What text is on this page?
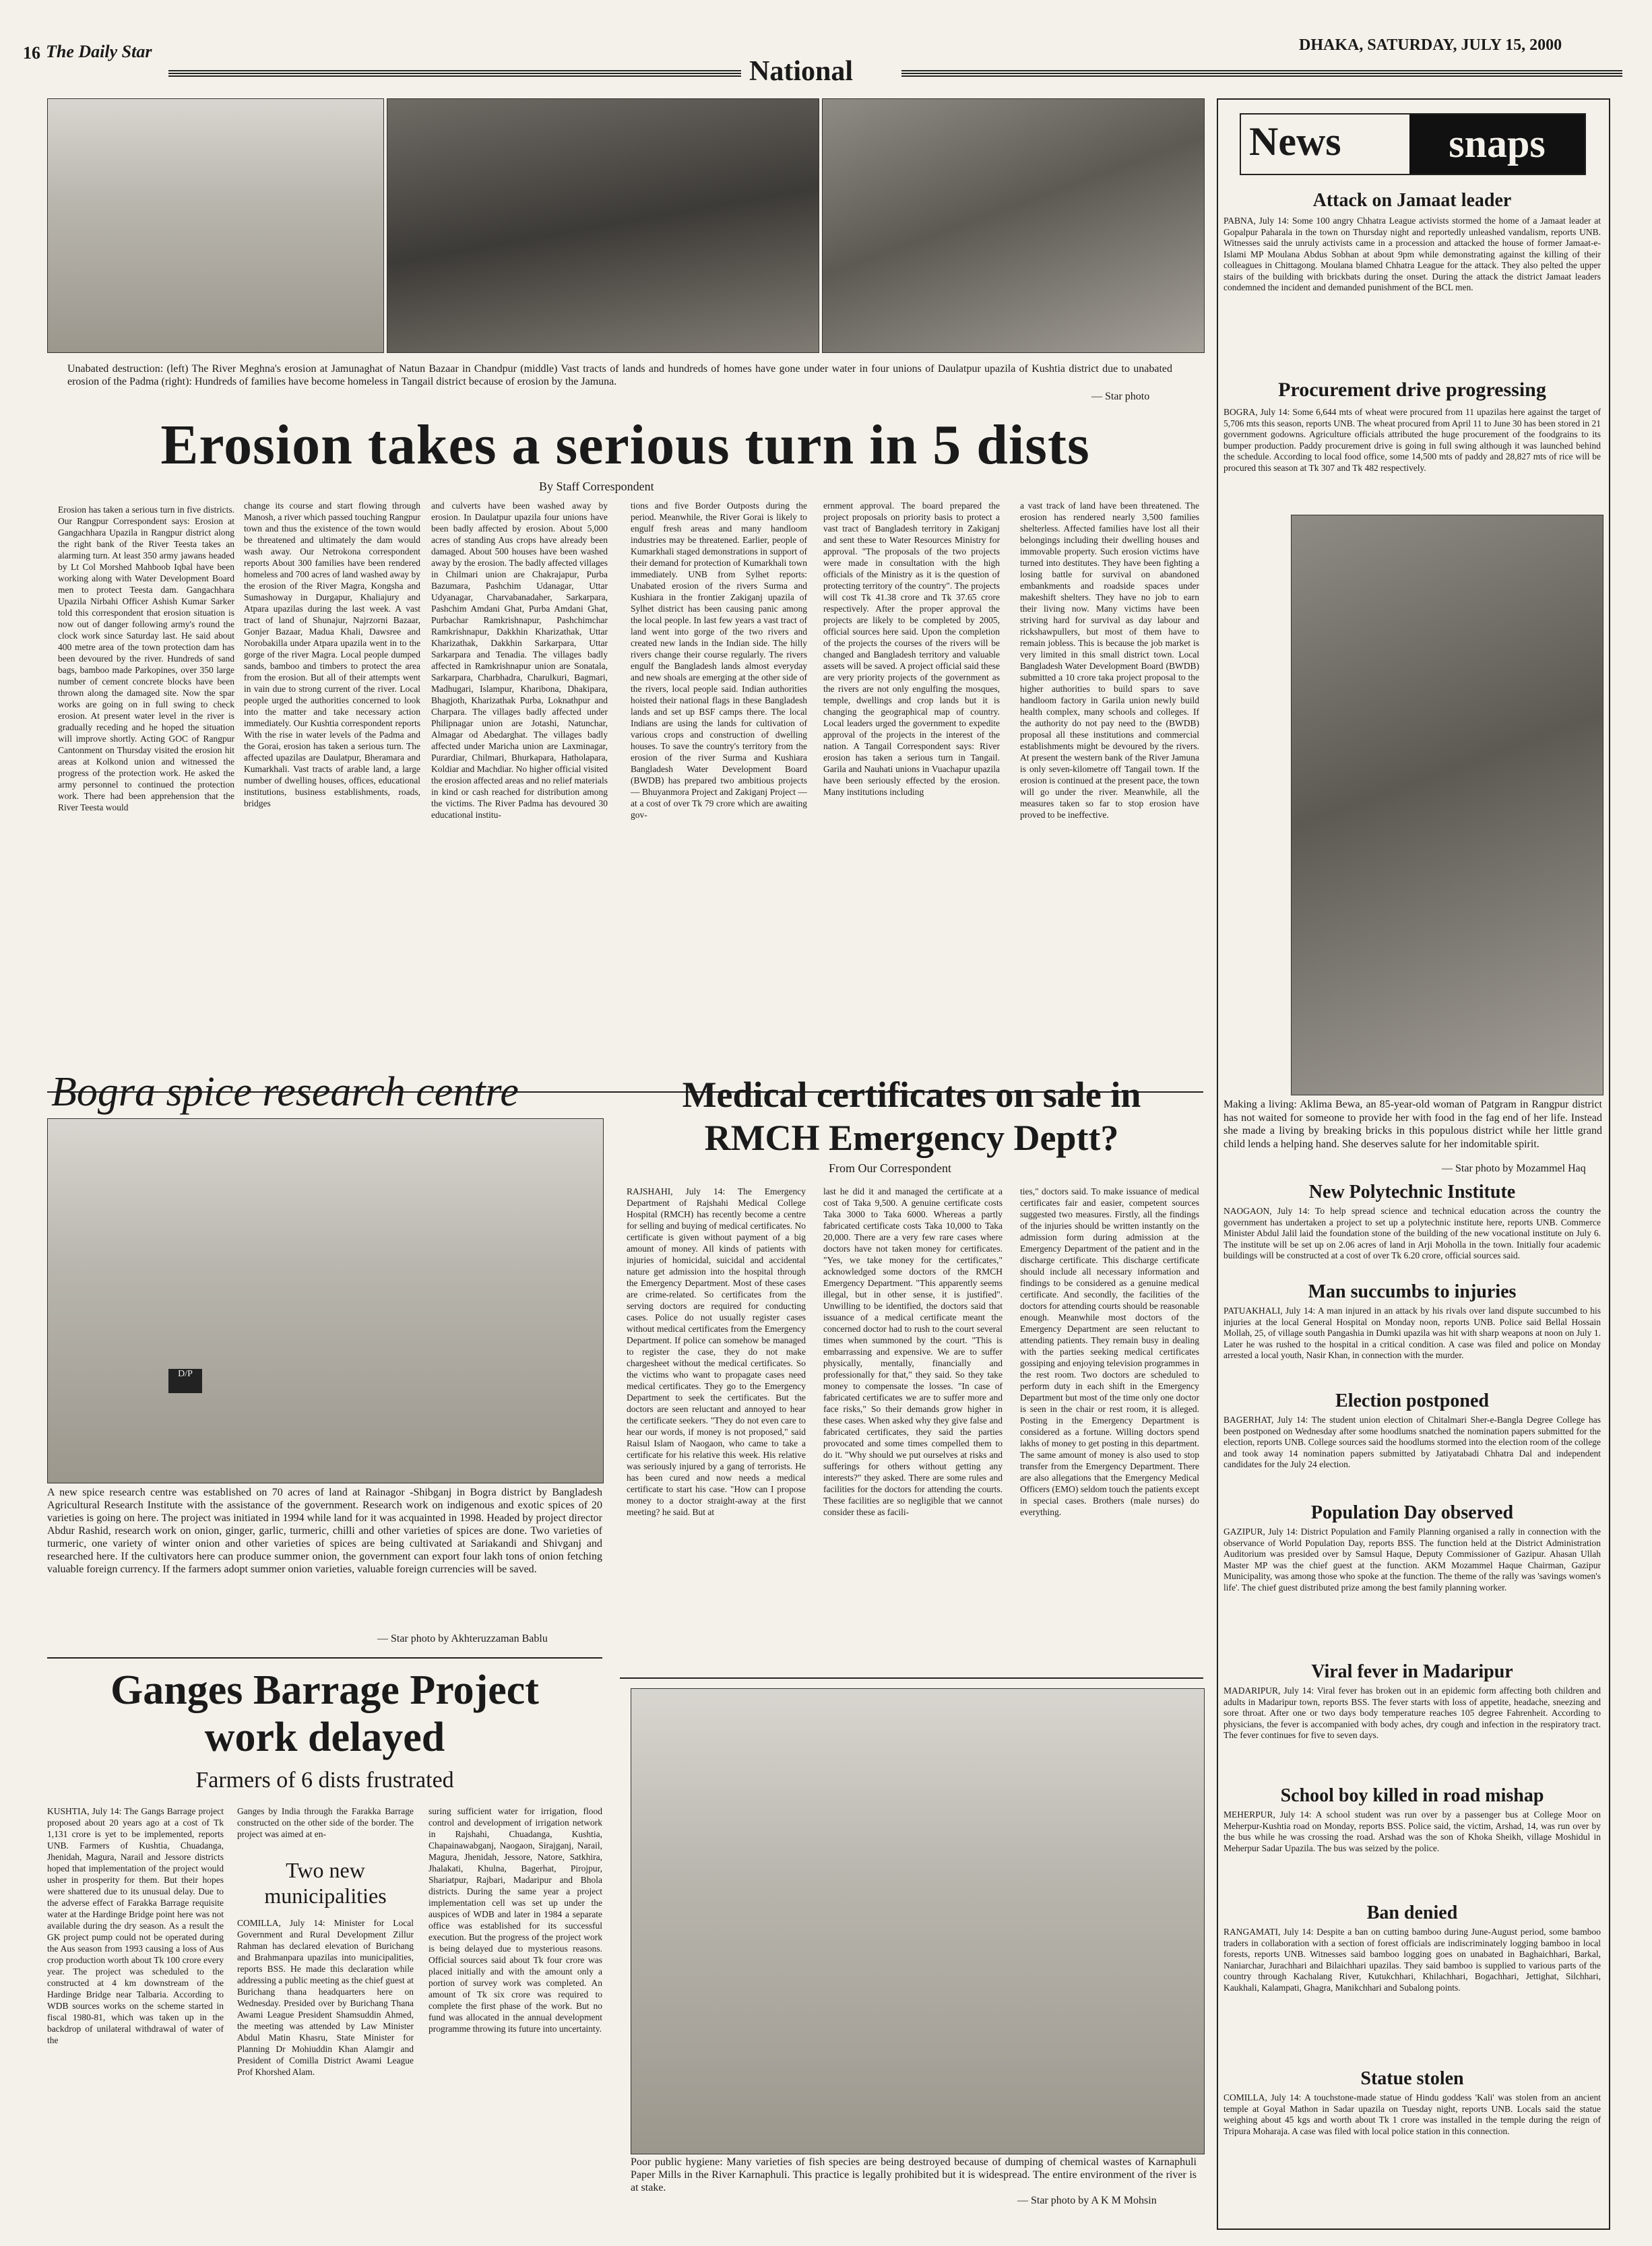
16 The Daily Star
National
DHAKA, SATURDAY, JULY 15, 2000
Unabated destruction: (left) The River Meghna's erosion at Jamunaghat of Natun Bazaar in Chandpur (middle) Vast tracts of lands and hundreds of homes have gone under water in four unions of Daulatpur upazila of Kushtia district due to unabated erosion of the Padma (right): Hundreds of families have become homeless in Tangail district because of erosion by the Jamuna.
— Star photo
Erosion takes a serious turn in 5 dists
By Staff Correspondent
Erosion has taken a serious turn in five districts. Our Rangpur Correspondent says: Erosion at Gangachhara Upazila in Rangpur district along the right bank of the River Teesta takes an alarming turn. At least 350 army jawans headed by Lt Col Morshed Mahboob Iqbal have been working along with Water Development Board men to protect Teesta dam. Gangachhara Upazila Nirbahi Officer Ashish Kumar Sarker told this correspondent that erosion situation is now out of danger following army's round the clock work since Saturday last. He said about 400 metre area of the town protection dam has been devoured by the river. Hundreds of sand bags, bamboo made Parkopines, over 350 large number of cement concrete blocks have been thrown along the damaged site. Now the spar works are going on in full swing to check erosion. At present water level in the river is gradually receding and he hoped the situation will improve shortly. Acting GOC of Rangpur Cantonment on Thursday visited the erosion hit areas at Kolkond union and witnessed the progress of the protection work. He asked the army personnel to continued the protection work. There had been apprehension that the River Teesta would
change its course and start flowing through Manosh, a river which passed touching Rangpur town and thus the existence of the town would be threatened and ultimately the dam would wash away. Our Netrokona correspondent reports About 300 families have been rendered homeless and 700 acres of land washed away by the erosion of the River Magra, Kongsha and Sumashoway in Durgapur, Khaliajury and Atpara upazilas during the last week. A vast tract of land of Shunajur, Najrzorni Bazaar, Gonjer Bazaar, Madua Khali, Dawsree and Norobakilla under Atpara upazila went in to the gorge of the river Magra. Local people dumped sands, bamboo and timbers to protect the area from the erosion. But all of their attempts went in vain due to strong current of the river. Local people urged the authorities concerned to look into the matter and take necessary action immediately. Our Kushtia correspondent reports With the rise in water levels of the Padma and the Gorai, erosion has taken a serious turn. The affected upazilas are Daulatpur, Bheramara and Kumarkhali. Vast tracts of arable land, a large number of dwelling houses, offices, educational institutions, business establishments, roads, bridges
and culverts have been washed away by erosion. In Daulatpur upazila four unions have been badly affected by erosion. About 5,000 acres of standing Aus crops have already been damaged. About 500 houses have been washed away by the erosion. The badly affected villages in Chilmari union are Chakrajapur, Purba Bazumara, Pashchim Udanagar, Uttar Udyanagar, Charvabanadaher, Sarkarpara, Pashchim Amdani Ghat, Purba Amdani Ghat, Purbachar Ramkrishnapur, Pashchimchar Ramkrishnapur, Dakkhin Kharizathak, Uttar Kharizathak, Dakkhin Sarkarpara, Uttar Sarkarpara and Tenadia. The villages badly affected in Ramkrishnapur union are Sonatala, Sarkarpara, Charbhadra, Charulkuri, Bagmari, Madhugari, Islampur, Kharibona, Dhakipara, Bhagjoth, Kharizathak Purba, Loknathpur and Charpara. The villages badly affected under Philipnagar union are Jotashi, Natunchar, Almagar od Abedarghat. The villages badly affected under Maricha union are Laxminagar, Purardiar, Chilmari, Bhurkapara, Hatholapara, Koldiar and Machdiar. No higher official visited the erosion affected areas and no relief materials in kind or cash reached for distribution among the victims. The River Padma has devoured 30 educational institu-
tions and five Border Outposts during the period. Meanwhile, the River Gorai is likely to engulf fresh areas and many handloom industries may be threatened. Earlier, people of Kumarkhali staged demonstrations in support of their demand for protection of Kumarkhali town immediately. UNB from Sylhet reports: Unabated erosion of the rivers Surma and Kushiara in the frontier Zakiganj upazila of Sylhet district has been causing panic among the local people. In last few years a vast tract of land went into gorge of the two rivers and created new lands in the Indian side. The hilly rivers change their course regularly. The rivers engulf the Bangladesh lands almost everyday and new shoals are emerging at the other side of the rivers, local people said. Indian authorities hoisted their national flags in these Bangladesh lands and set up BSF camps there. The local Indians are using the lands for cultivation of various crops and construction of dwelling houses. To save the country's territory from the erosion of the river Surma and Kushiara Bangladesh Water Development Board (BWDB) has prepared two ambitious projects — Bhuyanmora Project and Zakiganj Project — at a cost of over Tk 79 crore which are awaiting gov-
ernment approval. The board prepared the project proposals on priority basis to protect a vast tract of Bangladesh territory in Zakiganj and sent these to Water Resources Ministry for approval. "The proposals of the two projects were made in consultation with the high officials of the Ministry as it is the question of protecting territory of the country". The projects will cost Tk 41.38 crore and Tk 37.65 crore respectively. After the proper approval the projects are likely to be completed by 2005, official sources here said. Upon the completion of the projects the courses of the rivers will be changed and Bangladesh territory and valuable assets will be saved. A project official said these are very priority projects of the government as the rivers are not only engulfing the mosques, temple, dwellings and crop lands but it is changing the geographical map of country. Local leaders urged the government to expedite approval of the projects in the interest of the nation. A Tangail Correspondent says: River erosion has taken a serious turn in Tangail. Garila and Nauhati unions in Vuachapur upazila have been seriously effected by the erosion. Many institutions including
a vast track of land have been threatened. The erosion has rendered nearly 3,500 families shelterless. Affected families have lost all their belongings including their dwelling houses and immovable property. Such erosion victims have turned into destitutes. They have been fighting a losing battle for survival on abandoned embankments and roadside spaces under makeshift shelters. They have no job to earn their living now. Many victims have been striving hard for survival as day labour and rickshawpullers, but most of them have to remain jobless. This is because the job market is very limited in this small district town. Local Bangladesh Water Development Board (BWDB) submitted a 10 crore taka project proposal to the higher authorities to build spars to save handloom factory in Garila union newly build health complex, many schools and colleges. If the authority do not pay need to the (BWDB) proposal all these institutions and commercial establishments might be devoured by the rivers. At present the western bank of the River Jamuna is only seven-kilometre off Tangail town. If the erosion is continued at the present pace, the town will go under the river. Meanwhile, all the measures taken so far to stop erosion have proved to be ineffective.
Bogra spice research centre
D/P
A new spice research centre was established on 70 acres of land at Rainagor -Shibganj in Bogra district by Bangladesh Agricultural Research Institute with the assistance of the government. Research work on indigenous and exotic spices of 20 varieties is going on here. The project was initiated in 1994 while land for it was acquainted in 1998. Headed by project director Abdur Rashid, research work on onion, ginger, garlic, turmeric, chilli and other varieties of spices are done. Two varieties of turmeric, one variety of winter onion and other varieties of spices are being cultivated at Sariakandi and Shivganj and researched here. If the cultivators here can produce summer onion, the government can export four lakh tons of onion fetching valuable foreign currency. If the farmers adopt summer onion varieties, valuable foreign currencies will be saved.
— Star photo by Akhteruzzaman Bablu
Medical certificates on sale in
RMCH Emergency Deptt?
From Our Correspondent
RAJSHAHI, July 14: The Emergency Department of Rajshahi Medical College Hospital (RMCH) has recently become a centre for selling and buying of medical certificates. No certificate is given without payment of a big amount of money. All kinds of patients with injuries of homicidal, suicidal and accidental nature get admission into the hospital through the Emergency Department. Most of these cases are crime-related. So certificates from the serving doctors are required for conducting cases. Police do not usually register cases without medical certificates from the Emergency Department. If police can somehow be managed to register the case, they do not make chargesheet without the medical certificates. So the victims who want to propagate cases need medical certificates. They go to the Emergency Department to seek the certificates. But the doctors are seen reluctant and annoyed to hear the certificate seekers. "They do not even care to hear our words, if money is not proposed," said Raisul Islam of Naogaon, who came to take a certificate for his relative this week. His relative was seriously injured by a gang of terrorists. He has been cured and now needs a medical certificate to start his case. "How can I propose money to a doctor straight-away at the first meeting? he said. But at
last he did it and managed the certificate at a cost of Taka 9,500. A genuine certificate costs Taka 3000 to Taka 6000. Whereas a partly fabricated certificate costs Taka 10,000 to Taka 20,000. There are a very few rare cases where doctors have not taken money for certificates. "Yes, we take money for the certificates," acknowledged some doctors of the RMCH Emergency Department. "This apparently seems illegal, but in other sense, it is justified". Unwilling to be identified, the doctors said that issuance of a medical certificate meant the concerned doctor had to rush to the court several times when summoned by the court. "This is embarrassing and expensive. We are to suffer physically, mentally, financially and professionally for that," they said. So they take money to compensate the losses. "In case of fabricated certificates we are to suffer more and face risks," So their demands grow higher in these cases. When asked why they give false and fabricated certificates, they said the parties provocated and some times compelled them to do it. "Why should we put ourselves at risks and sufferings for others without getting any interests?" they asked. There are some rules and facilities for the doctors for attending the courts. These facilities are so negligible that we cannot consider these as facili-
ties," doctors said. To make issuance of medical certificates fair and easier, competent sources suggested two measures. Firstly, all the findings of the injuries should be written instantly on the admission form during admission at the Emergency Department of the patient and in the discharge certificate. This discharge certificate should include all necessary information and findings to be considered as a genuine medical certificate. And secondly, the facilities of the doctors for attending courts should be reasonable enough. Meanwhile most doctors of the Emergency Department are seen reluctant to attending patients. They remain busy in dealing with the parties seeking medical certificates gossiping and enjoying television programmes in the rest room. Two doctors are scheduled to perform duty in each shift in the Emergency Department but most of the time only one doctor is seen in the chair or rest room, it is alleged. Posting in the Emergency Department is considered as a fortune. Willing doctors spend lakhs of money to get posting in this department. The same amount of money is also used to stop transfer from the Emergency Department. There are also allegations that the Emergency Medical Officers (EMO) seldom touch the patients except in special cases. Brothers (male nurses) do everything.
Poor public hygiene: Many varieties of fish species are being destroyed because of dumping of chemical wastes of Karnaphuli Paper Mills in the River Karnaphuli. This practice is legally prohibited but it is widespread. The entire environment of the river is at stake.
— Star photo by A K M Mohsin
Ganges Barrage Project
work delayed
Farmers of 6 dists frustrated
KUSHTIA, July 14: The Gangs Barrage project proposed about 20 years ago at a cost of Tk 1,131 crore is yet to be implemented, reports UNB. Farmers of Kushtia, Chuadanga, Jhenidah, Magura, Narail and Jessore districts hoped that implementation of the project would usher in prosperity for them. But their hopes were shattered due to its unusual delay. Due to the adverse effect of Farakka Barrage requisite water at the Hardinge Bridge point here was not available during the dry season. As a result the GK project pump could not be operated during the Aus season from 1993 causing a loss of Aus crop production worth about Tk 100 crore every year. The project was scheduled to the constructed at 4 km downstream of the Hardinge Bridge near Talbaria. According to WDB sources works on the scheme started in fiscal 1980-81, which was taken up in the backdrop of unilateral withdrawal of water of the
Ganges by India through the Farakka Barrage constructed on the other side of the border. The project was aimed at en-
Two new
municipalities
COMILLA, July 14: Minister for Local Government and Rural Development Zillur Rahman has declared elevation of Burichang and Brahmanpara upazilas into municipalities, reports BSS. He made this declaration while addressing a public meeting as the chief guest at Burichang thana headquarters here on Wednesday. Presided over by Burichang Thana Awami League President Shamsuddin Ahmed, the meeting was attended by Law Minister Abdul Matin Khasru, State Minister for Planning Dr Mohiuddin Khan Alamgir and President of Comilla District Awami League Prof Khorshed Alam.
suring sufficient water for irrigation, flood control and development of irrigation network in Rajshahi, Chuadanga, Kushtia, Chapainawabganj, Naogaon, Sirajganj, Narail, Magura, Jhenidah, Jessore, Natore, Satkhira, Jhalakati, Khulna, Bagerhat, Pirojpur, Shariatpur, Rajbari, Madaripur and Bhola districts. During the same year a project implementation cell was set up under the auspices of WDB and later in 1984 a separate office was established for its successful execution. But the progress of the project work is being delayed due to mysterious reasons. Official sources said about Tk four crore was placed initially and with the amount only a portion of survey work was completed. An amount of Tk six crore was required to complete the first phase of the work. But no fund was allocated in the annual development programme throwing its future into uncertainty.
News	snaps
Attack on Jamaat leader
PABNA, July 14: Some 100 angry Chhatra League activists stormed the home of a Jamaat leader at Gopalpur Paharala in the town on Thursday night and reportedly unleashed vandalism, reports UNB. Witnesses said the unruly activists came in a procession and attacked the house of former Jamaat-e-Islami MP Moulana Abdus Sobhan at about 9pm while demonstrating against the killing of their colleagues in Chittagong. Moulana blamed Chhatra League for the attack. They also pelted the upper stairs of the building with brickbats during the onset. During the attack the district Jamaat leaders condemned the incident and demanded punishment of the BCL men.
Procurement drive progressing
BOGRA, July 14: Some 6,644 mts of wheat were procured from 11 upazilas here against the target of 5,706 mts this season, reports UNB. The wheat procured from April 11 to June 30 has been stored in 21 government godowns. Agriculture officials attributed the huge procurement of the foodgrains to its bumper production. Paddy procurement drive is going in full swing although it was launched behind the schedule. According to local food office, some 14,500 mts of paddy and 28,827 mts of rice will be procured this season at Tk 307 and Tk 482 respectively.
Making a living: Aklima Bewa, an 85-year-old woman of Patgram in Rangpur district has not waited for someone to provide her with food in the fag end of her life. Instead she made a living by breaking bricks in this populous district while her little grand child lends a helping hand. She deserves salute for her indomitable spirit.
— Star photo by Mozammel Haq
New Polytechnic Institute
NAOGAON, July 14: To help spread science and technical education across the country the government has undertaken a project to set up a polytechnic institute here, reports UNB. Commerce Minister Abdul Jalil laid the foundation stone of the building of the new vocational institute on July 6. The institute will be set up on 2.06 acres of land in Arji Moholla in the town. Initially four academic buildings will be constructed at a cost of over Tk 6.20 crore, official sources said.
Man succumbs to injuries
PATUAKHALI, July 14: A man injured in an attack by his rivals over land dispute succumbed to his injuries at the local General Hospital on Monday noon, reports UNB. Police said Bellal Hossain Mollah, 25, of village south Pangashia in Dumki upazila was hit with sharp weapons at noon on July 1. Later he was rushed to the hospital in a critical condition. A case was filed and police on Monday arrested a local youth, Nasir Khan, in connection with the murder.
Election postponed
BAGERHAT, July 14: The student union election of Chitalmari Sher-e-Bangla Degree College has been postponed on Wednesday after some hoodlums snatched the nomination papers submitted for the election, reports UNB. College sources said the hoodlums stormed into the election room of the college and took away 14 nomination papers submitted by Jatiyatabadi Chhatra Dal and independent candidates for the July 24 election.
Population Day observed
GAZIPUR, July 14: District Population and Family Planning organised a rally in connection with the observance of World Population Day, reports BSS. The function held at the District Administration Auditorium was presided over by Samsul Haque, Deputy Commissioner of Gazipur. Ahasan Ullah Master MP was the chief guest at the function. AKM Mozammel Haque Chairman, Gazipur Municipality, was among those who spoke at the function. The theme of the rally was 'savings women's life'. The chief guest distributed prize among the best family planning worker.
Viral fever in Madaripur
MADARIPUR, July 14: Viral fever has broken out in an epidemic form affecting both children and adults in Madaripur town, reports BSS. The fever starts with loss of appetite, headache, sneezing and sore throat. After one or two days body temperature reaches 105 degree Fahrenheit. According to physicians, the fever is accompanied with body aches, dry cough and infection in the respiratory tract. The fever continues for five to seven days.
School boy killed in road mishap
MEHERPUR, July 14: A school student was run over by a passenger bus at College Moor on Meherpur-Kushtia road on Monday, reports BSS. Police said, the victim, Arshad, 14, was run over by the bus while he was crossing the road. Arshad was the son of Khoka Sheikh, village Moshidul in Meherpur Sadar Upazila. The bus was seized by the police.
Ban denied
RANGAMATI, July 14: Despite a ban on cutting bamboo during June-August period, some bamboo traders in collaboration with a section of forest officials are indiscriminately logging bamboo in local forests, reports UNB. Witnesses said bamboo logging goes on unabated in Baghaichhari, Barkal, Naniarchar, Jurachhari and Bilaichhari upazilas. They said bamboo is supplied to various parts of the country through Kachalang River, Kutukchhari, Khilachhari, Bogachhari, Jettighat, Silchhari, Kaukhali, Kalampati, Ghagra, Manikchhari and Subalong points.
Statue stolen
COMILLA, July 14: A touchstone-made statue of Hindu goddess 'Kali' was stolen from an ancient temple at Goyal Mathon in Sadar upazila on Tuesday night, reports UNB. Locals said the statue weighing about 45 kgs and worth about Tk 1 crore was installed in the temple during the reign of Tripura Moharaja. A case was filed with local police station in this connection.
